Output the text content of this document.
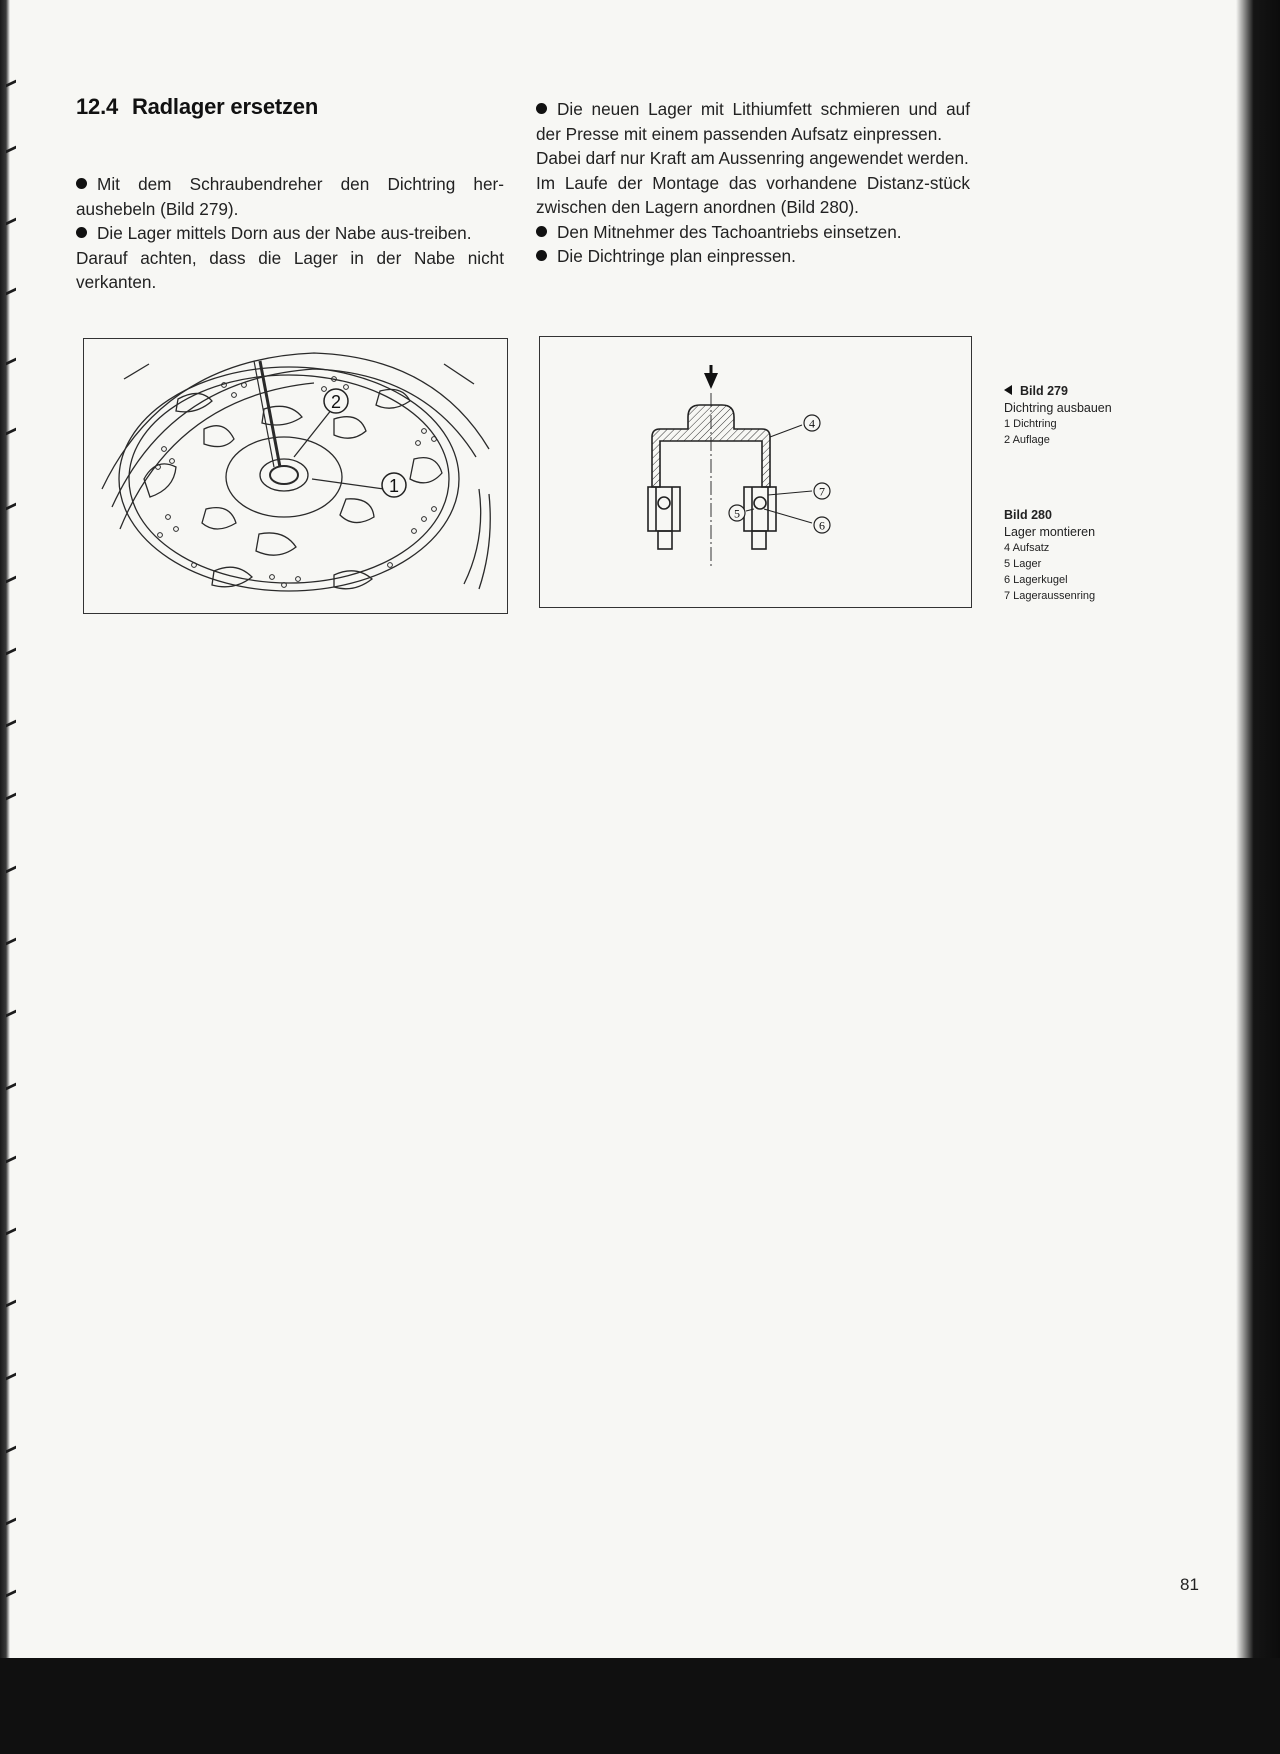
12.4 Radlager ersetzen

Mit dem Schraubendreher den Dichtring her-aushebeln (Bild 279).

Die Lager mittels Dorn aus der Nabe aus-treiben.

Darauf achten, dass die Lager in der Nabe nicht verkanten.

Die neuen Lager mit Lithiumfett schmieren und auf der Presse mit einem passenden Aufsatz einpressen.

Dabei darf nur Kraft am Aussenring angewendet werden.

Im Laufe der Montage das vorhandene Distanz-stück zwischen den Lagern anordnen (Bild 280).

Den Mitnehmer des Tachoantriebs einsetzen.

Die Dichtringe plan einpressen.

2
1
4
7
5
6
Bild 279
Dichtring ausbauen
1 Dichtring
2 Auflage
Bild 280
Lager montieren
4 Aufsatz
5 Lager
6 Lagerkugel
7 Lageraussenring
81
